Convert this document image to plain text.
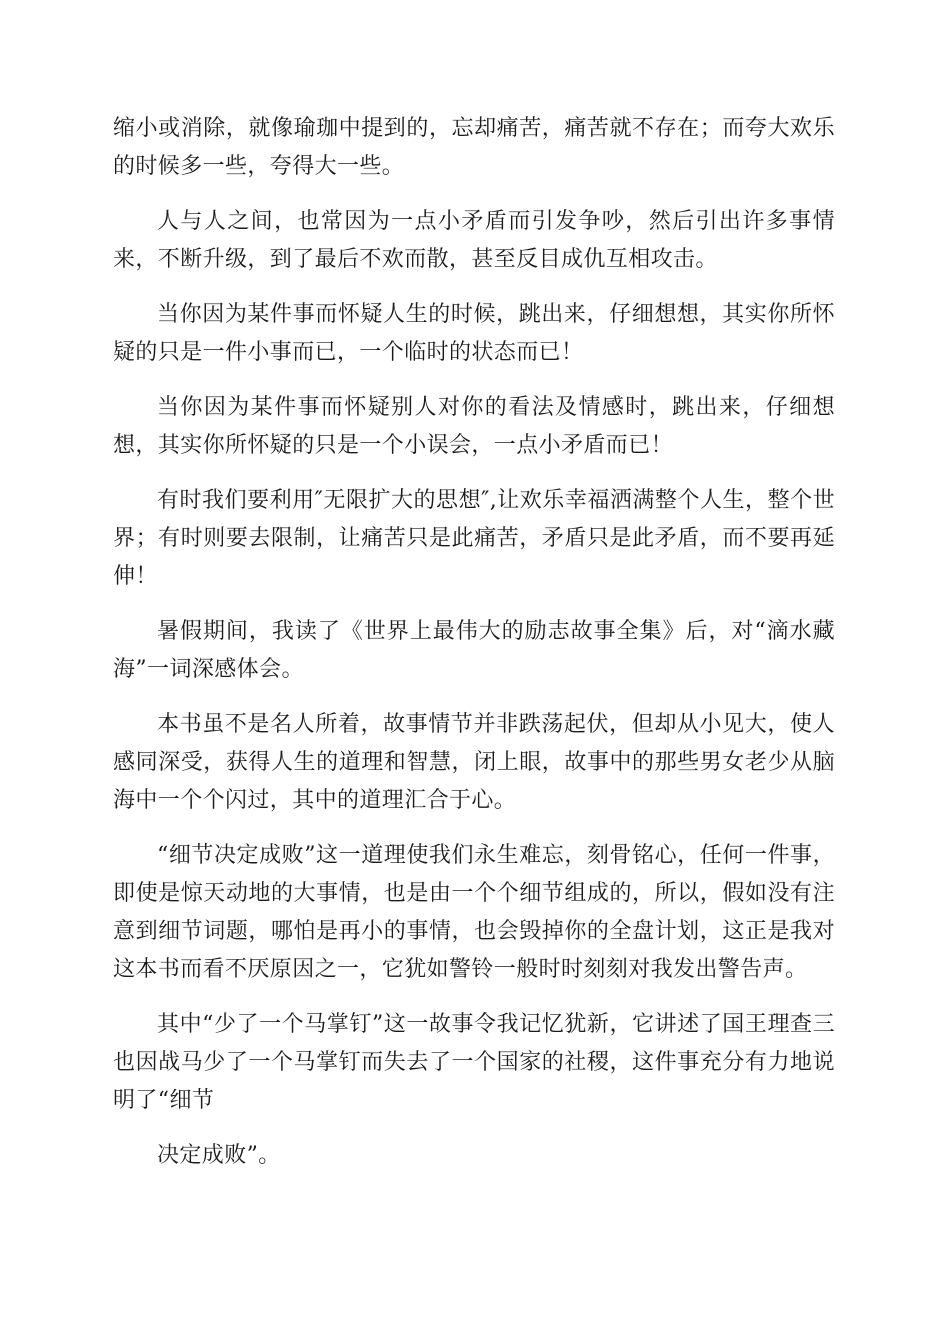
缩小或消除，就像瑜珈中提到的，忘却痛苦，痛苦就不存在；而夸大欢乐的时候多一些，夸得大一些。

人与人之间，也常因为一点小矛盾而引发争吵，然后引出许多事情来，不断升级，到了最后不欢而散，甚至反目成仇互相攻击。

当你因为某件事而怀疑人生的时候，跳出来，仔细想想，其实你所怀疑的只是一件小事而已，一个临时的状态而已！

当你因为某件事而怀疑别人对你的看法及情感时，跳出来，仔细想想，其实你所怀疑的只是一个小误会，一点小矛盾而已！

有时我们要利用″无限扩大的思想″,让欢乐幸福洒满整个人生，整个世界；有时则要去限制，让痛苦只是此痛苦，矛盾只是此矛盾，而不要再延伸！

暑假期间，我读了《世界上最伟大的励志故事全集》后，对“滴水藏海”一词深感体会。

本书虽不是名人所着，故事情节并非跌荡起伏，但却从小见大，使人感同深受，获得人生的道理和智慧，闭上眼，故事中的那些男女老少从脑海中一个个闪过，其中的道理汇合于心。

“细节决定成败”这一道理使我们永生难忘，刻骨铭心，任何一件事，即使是惊天动地的大事情，也是由一个个细节组成的，所以，假如没有注意到细节词题，哪怕是再小的事情，也会毁掉你的全盘计划，这正是我对这本书而看不厌原因之一，它犹如警铃一般时时刻刻对我发出警告声。

其中“少了一个马掌钉”这一故事令我记忆犹新，它讲述了国王理查三也因战马少了一个马掌钉而失去了一个国家的社稷，这件事充分有力地说明了“细节

决定成败”。
